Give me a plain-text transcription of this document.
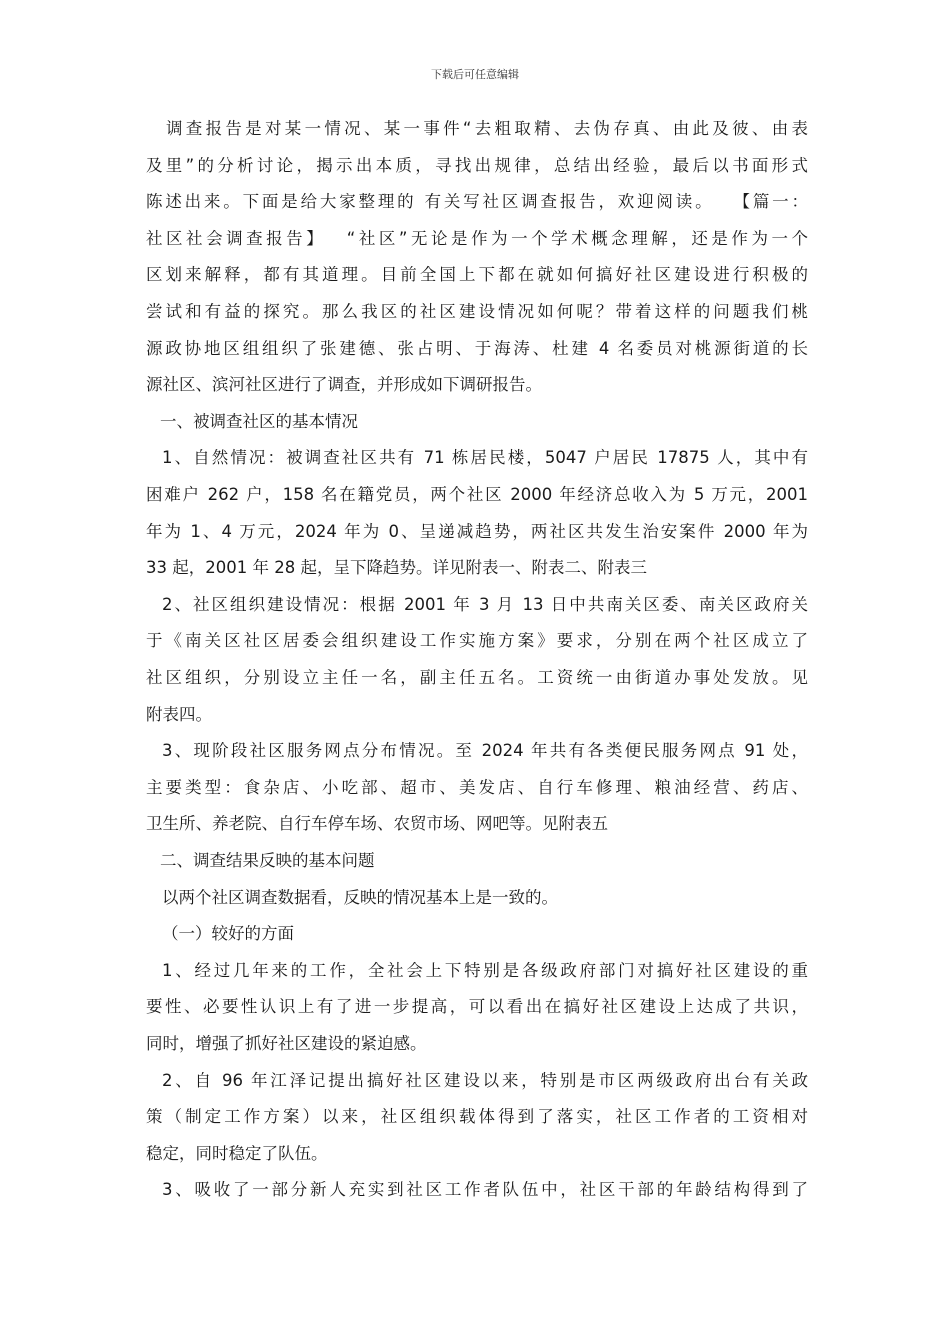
下载后可任意编辑
调查报告是对某一情况、某一事件“去粗取精、去伪存真、由此及彼、由表
及里”的分析讨论，揭示出本质，寻找出规律，总结出经验，最后以书面形式
陈述出来。下面是给大家整理的 有关写社区调查报告，欢迎阅读。　 【篇一：
社区社会调查报告】　 “社区”无论是作为一个学术概念理解，还是作为一个
区划来解释，都有其道理。目前全国上下都在就如何搞好社区建设进行积极的
尝试和有益的探究。那么我区的社区建设情况如何呢？带着这样的问题我们桃
源政协地区组组织了张建德、张占明、于海涛、杜建 4 名委员对桃源街道的长
源社区、滨河社区进行了调查，并形成如下调研报告。
一、被调查社区的基本情况
1、自然情况：被调查社区共有 71 栋居民楼，5047 户居民 17875 人，其中有
困难户 262 户，158 名在籍党员，两个社区 2000 年经济总收入为 5 万元，2001
年为 1、4 万元，2024 年为 0、呈递减趋势，两社区共发生治安案件 2000 年为
33 起，2001 年 28 起，呈下降趋势。详见附表一、附表二、附表三
2、社区组织建设情况：根据 2001 年 3 月 13 日中共南关区委、南关区政府关
于《南关区社区居委会组织建设工作实施方案》要求，分别在两个社区成立了
社区组织，分别设立主任一名，副主任五名。工资统一由街道办事处发放。见
附表四。
3、现阶段社区服务网点分布情况。至 2024 年共有各类便民服务网点 91 处，
主要类型：食杂店、小吃部、超市、美发店、自行车修理、粮油经营、药店、
卫生所、养老院、自行车停车场、农贸市场、网吧等。见附表五
二、调查结果反映的基本问题
以两个社区调查数据看，反映的情况基本上是一致的。
（一）较好的方面
1、经过几年来的工作，全社会上下特别是各级政府部门对搞好社区建设的重
要性、必要性认识上有了进一步提高，可以看出在搞好社区建设上达成了共识，
同时，增强了抓好社区建设的紧迫感。
2、自 96 年江泽记提出搞好社区建设以来，特别是市区两级政府出台有关政
策（制定工作方案）以来，社区组织载体得到了落实，社区工作者的工资相对
稳定，同时稳定了队伍。
3、吸收了一部分新人充实到社区工作者队伍中，社区干部的年龄结构得到了
